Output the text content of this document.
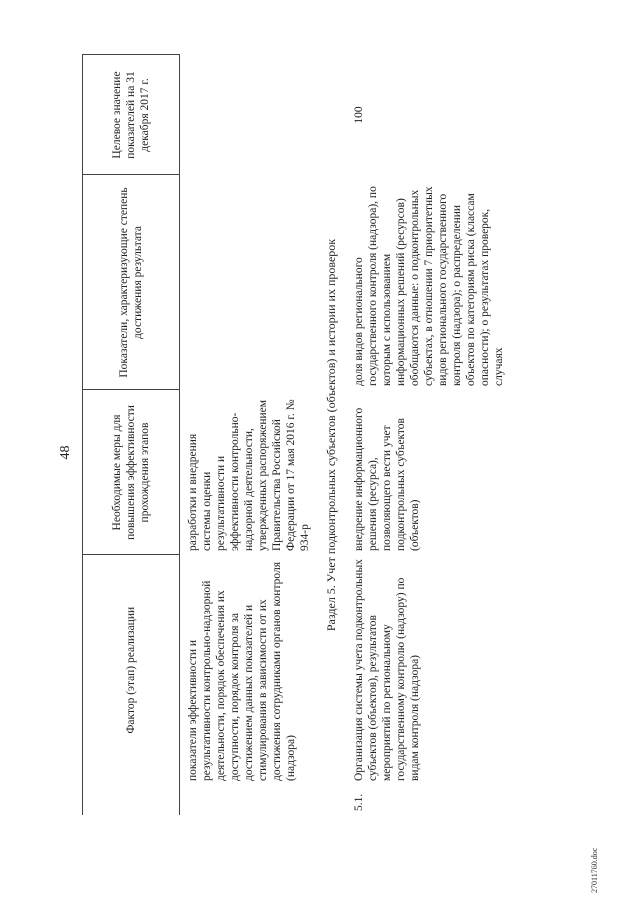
48
	Фактор (этап) реализации	Необходимые меры для повышения эффективности прохождения этапов	Показатели, характеризующие степень достижения результата	Целевое значение показателей на 31 декабря 2017 г.
	показатели эффективности и результативности контрольно-надзорной деятельности, порядок обеспечения их доступности, порядок контроля за достижением данных показателей и стимулирования в зависимости от их достижения сотрудниками органов контроля (надзора)	разработки и внедрения системы оценки результативности и эффективности контрольно-надзорной деятельности, утвержденных распоряжением Правительства Российской Федерации от 17 мая 2016 г. № 934-р		
Раздел 5. Учет подконтрольных субъектов (объектов) и истории их проверок				
5.1.	Организация системы учета подконтрольных субъектов (объектов), результатов мероприятий по региональному государственному контролю (надзору) по видам контроля (надзора)	внедрение информационного решения (ресурса), позволяющего вести учет подконтрольных субъектов (объектов)	доля видов регионального государственного контроля (надзора), по которым с использованием информационных решений (ресурсов) обобщаются данные: о подконтрольных субъектах, в отношении 7 приоритетных видов регионального государственного контроля (надзора); о распределении объектов по категориям риска (классам опасности); о результатах проверок, случаях	100
27011760.doc
